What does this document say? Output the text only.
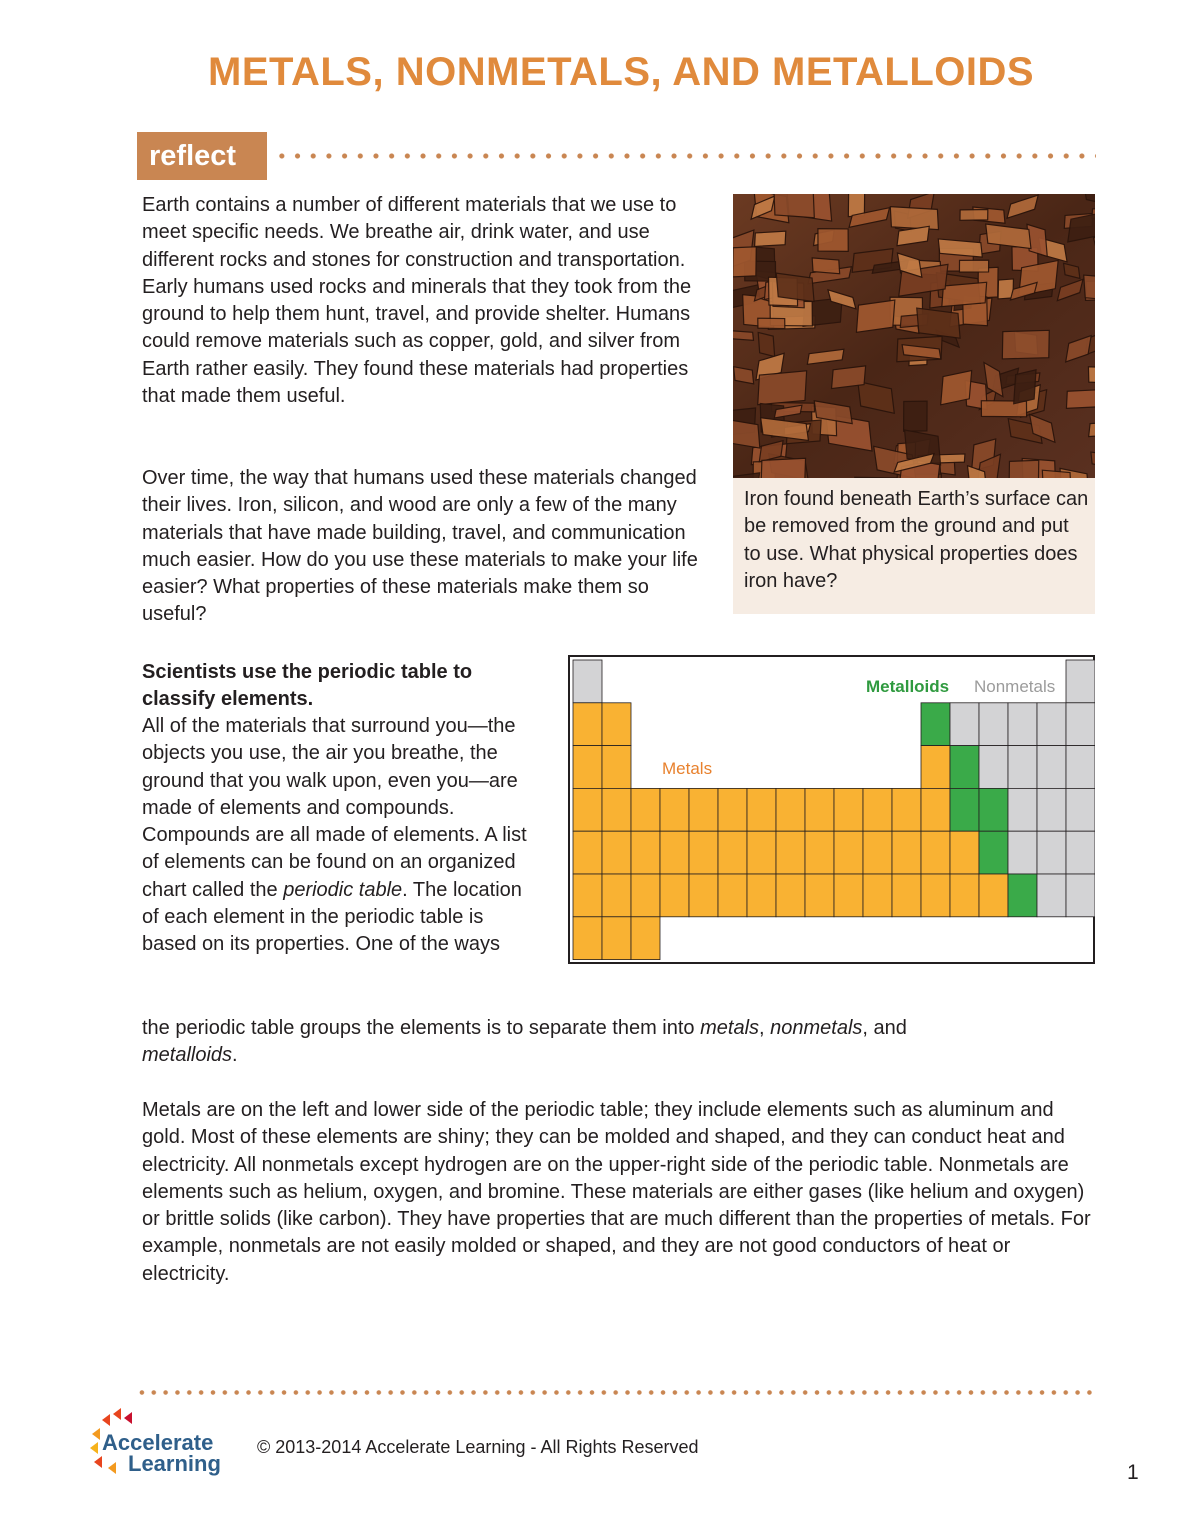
METALS, NONMETALS, AND METALLOIDS
reflect

Earth contains a number of different materials that we use to meet specific needs. We breathe air, drink water, and use different rocks and stones for construction and transportation. Early humans used rocks and minerals that they took from the ground to help them hunt, travel, and provide shelter. Humans could remove materials such as copper, gold, and silver from Earth rather easily. They found these materials had properties that made them useful.

Over time, the way that humans used these materials changed their lives. Iron, silicon, and wood are only a few of the many materials that have made building, travel, and communication much easier. How do you use these materials to make your life easier? What properties of these materials make them so useful?

Iron found beneath Earth’s surface can be removed from the ground and put to use. What physical properties does iron have?
Scientists use the periodic table to classify elements.
All of the materials that surround you—the objects you use, the air you breathe, the ground that you walk upon, even you—are made of elements and compounds. Compounds are all made of elements. A list of elements can be found on an organized chart called the periodic table. The location of each element in the periodic table is based on its properties. One of the ways
the periodic table groups the elements is to separate them into metals, nonmetals, and
metalloids.
Metals
Metalloids Nonmetals

Metals are on the left and lower side of the periodic table; they include elements such as aluminum and gold. Most of these elements are shiny; they can be molded and shaped, and they can conduct heat and electricity. All nonmetals except hydrogen are on the upper-right side of the periodic table. Nonmetals are elements such as helium, oxygen, and bromine. These materials are either gases (like helium and oxygen) or brittle solids (like carbon). They have properties that are much different than the properties of metals. For example, nonmetals are not easily molded or shaped, and they are not good conductors of heat or electricity.

Accelerate
Learning
© 2013-2014 Accelerate Learning - All Rights Reserved
1
